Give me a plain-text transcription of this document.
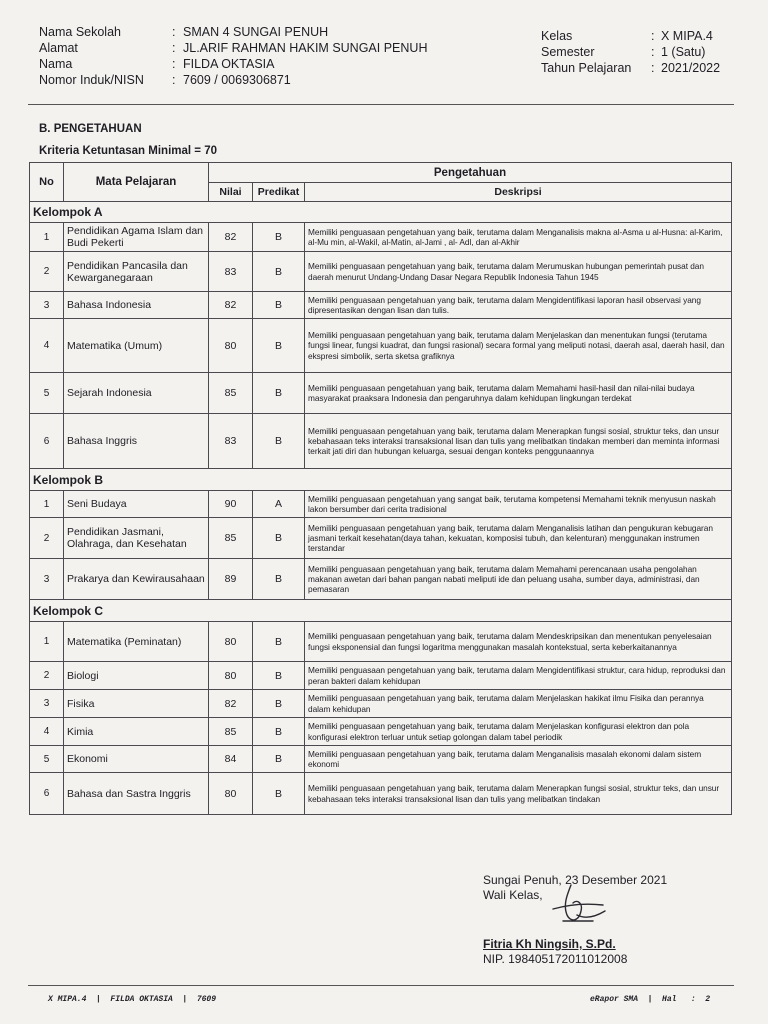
Nama Sekolah	: SMAN 4 SUNGAI PENUH
Alamat	: JL.ARIF RAHMAN HAKIM SUNGAI PENUH
Nama	: FILDA OKTASIA
Nomor Induk/NISN : 7609 / 0069306871
Kelas	: X MIPA.4
Semester	: 1 (Satu)
Tahun Pelajaran : 2021/2022
B. PENGETAHUAN
Kriteria Ketuntasan Minimal = 70
No	Mata Pelajaran	Pengetahuan		
		Nilai	Predikat	Deskripsi
Kelompok A				
1	Pendidikan Agama Islam dan Budi Pekerti	82	B	Memiliki penguasaan pengetahuan yang baik, terutama dalam Menganalisis makna al-Asma u al-Husna: al-Karim, al-Mu min, al-Wakil, al-Matin, al-Jami , al- Adl, dan al-Akhir
2	Pendidikan Pancasila dan Kewarganegaraan	83	B	Memiliki penguasaan pengetahuan yang baik, terutama dalam Merumuskan hubungan pemerintah pusat dan daerah menurut Undang-Undang Dasar Negara Republik Indonesia Tahun 1945
3	Bahasa Indonesia	82	B	Memiliki penguasaan pengetahuan yang baik, terutama dalam Mengidentifikasi laporan hasil observasi yang dipresentasikan dengan lisan dan tulis.
4	Matematika (Umum)	80	B	Memiliki penguasaan pengetahuan yang baik, terutama dalam Menjelaskan dan menentukan fungsi (terutama fungsi linear, fungsi kuadrat, dan fungsi rasional) secara formal yang meliputi notasi, daerah asal, daerah hasil, dan ekspresi simbolik, serta sketsa grafiknya
5	Sejarah Indonesia	85	B	Memiliki penguasaan pengetahuan yang baik, terutama dalam Memahami hasil-hasil dan nilai-nilai budaya masyarakat praaksara Indonesia dan pengaruhnya dalam kehidupan lingkungan terdekat
6	Bahasa Inggris	83	B	Memiliki penguasaan pengetahuan yang baik, terutama dalam Menerapkan fungsi sosial, struktur teks, dan unsur kebahasaan teks interaksi transaksional lisan dan tulis yang melibatkan tindakan memberi dan meminta informasi terkait jati diri dan hubungan keluarga, sesuai dengan konteks penggunaannya
Kelompok B				
1	Seni Budaya	90	A	Memiliki penguasaan pengetahuan yang sangat baik, terutama kompetensi Memahami teknik menyusun naskah lakon bersumber dari cerita tradisional
2	Pendidikan Jasmani, Olahraga, dan Kesehatan	85	B	Memiliki penguasaan pengetahuan yang baik, terutama dalam Menganalisis latihan dan pengukuran kebugaran jasmani terkait kesehatan(daya tahan, kekuatan, komposisi tubuh, dan kelenturan) menggunakan instrumen terstandar
3	Prakarya dan Kewirausahaan	89	B	Memiliki penguasaan pengetahuan yang baik, terutama dalam Memahami perencanaan usaha pengolahan makanan awetan dari bahan pangan nabati meliputi ide dan peluang usaha, sumber daya, administrasi, dan pemasaran
Kelompok C				
1	Matematika (Peminatan)	80	B	Memiliki penguasaan pengetahuan yang baik, terutama dalam Mendeskripsikan dan menentukan penyelesaian fungsi eksponensial dan fungsi logaritma menggunakan masalah kontekstual, serta keberkaitanannya
2	Biologi	80	B	Memiliki penguasaan pengetahuan yang baik, terutama dalam Mengidentifikasi struktur, cara hidup, reproduksi dan peran bakteri dalam kehidupan
3	Fisika	82	B	Memiliki penguasaan pengetahuan yang baik, terutama dalam Menjelaskan hakikat ilmu Fisika dan perannya dalam kehidupan
4	Kimia	85	B	Memiliki penguasaan pengetahuan yang baik, terutama dalam Menjelaskan konfigurasi elektron dan pola konfigurasi elektron terluar untuk setiap golongan dalam tabel periodik
5	Ekonomi	84	B	Memiliki penguasaan pengetahuan yang baik, terutama dalam Menganalisis masalah ekonomi dalam sistem ekonomi
6	Bahasa dan Sastra Inggris	80	B	Memiliki penguasaan pengetahuan yang baik, terutama dalam Menerapkan fungsi sosial, struktur teks, dan unsur kebahasaan teks interaksi transaksional lisan dan tulis yang melibatkan tindakan
Sungai Penuh, 23 Desember 2021
Wali Kelas,
Fitria Kh Ningsih, S.Pd.
NIP. 198405172011012008
X MIPA.4  |  FILDA OKTASIA  |  7609	eRapor SMA  |  Hal   :  2
